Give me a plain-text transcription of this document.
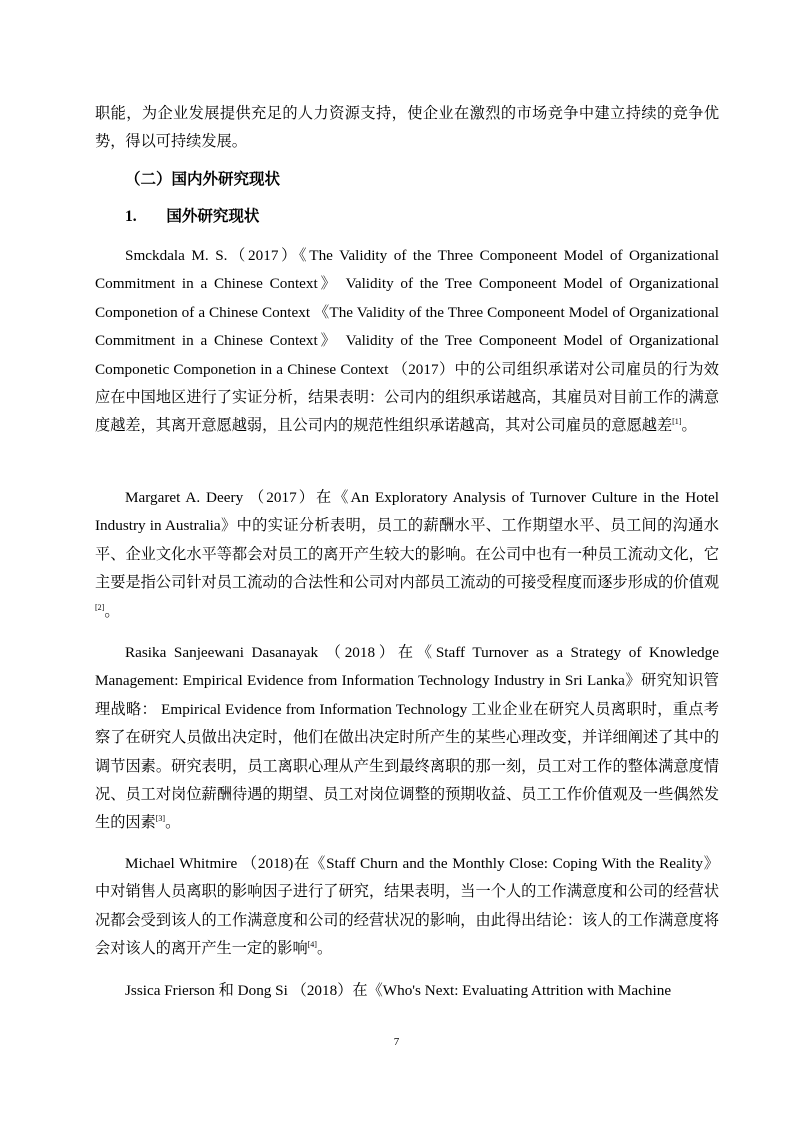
职能，为企业发展提供充足的人力资源支持，使企业在激烈的市场竞争中建立持续的竞争优势，得以可持续发展。
（二）国内外研究现状
1. 国外研究现状
Smckdala M. S.（2017）《The Validity of the Three Componeent Model of Organizational Commitment in a Chinese Context》 Validity of the Tree Componeent Model of Organizational Componetion of a Chinese Context 《The Validity of the Three Componeent Model of Organizational Commitment in a Chinese Context》 Validity of the Tree Componeent Model of Organizational Componetic Componetion in a Chinese Context （2017）中的公司组织承诺对公司雇员的行为效应在中国地区进行了实证分析，结果表明：公司内的组织承诺越高，其雇员对目前工作的满意度越差，其离开意愿越弱，且公司内的规范性组织承诺越高，其对公司雇员的意愿越差[1]。
Margaret A. Deery （2017）在《An Exploratory Analysis of Turnover Culture in the Hotel Industry in Australia》中的实证分析表明，员工的薪酬水平、工作期望水平、员工间的沟通水平、企业文化水平等都会对员工的离开产生较大的影响。在公司中也有一种员工流动文化，它主要是指公司针对员工流动的合法性和公司对内部员工流动的可接受程度而逐步形成的价值观[2]。
Rasika Sanjeewani Dasanayak （2018）在《Staff Turnover as a Strategy of Knowledge Management: Empirical Evidence from Information Technology Industry in Sri Lanka》研究知识管理战略： Empirical Evidence from Information Technology 工业企业在研究人员离职时，重点考察了在研究人员做出决定时，他们在做出决定时所产生的某些心理改变，并详细阐述了其中的调节因素。研究表明，员工离职心理从产生到最终离职的那一刻，员工对工作的整体满意度情况、员工对岗位薪酬待遇的期望、员工对岗位调整的预期收益、员工工作价值观及一些偶然发生的因素[3]。
Michael Whitmire （2018)在《Staff Churn and the Monthly Close: Coping With the Reality》中对销售人员离职的影响因子进行了研究，结果表明，当一个人的工作满意度和公司的经营状况都会受到该人的工作满意度和公司的经营状况的影响，由此得出结论：该人的工作满意度将会对该人的离开产生一定的影响[4]。
Jssica Frierson 和 Dong Si （2018）在《Who's Next: Evaluating Attrition with Machine
7
